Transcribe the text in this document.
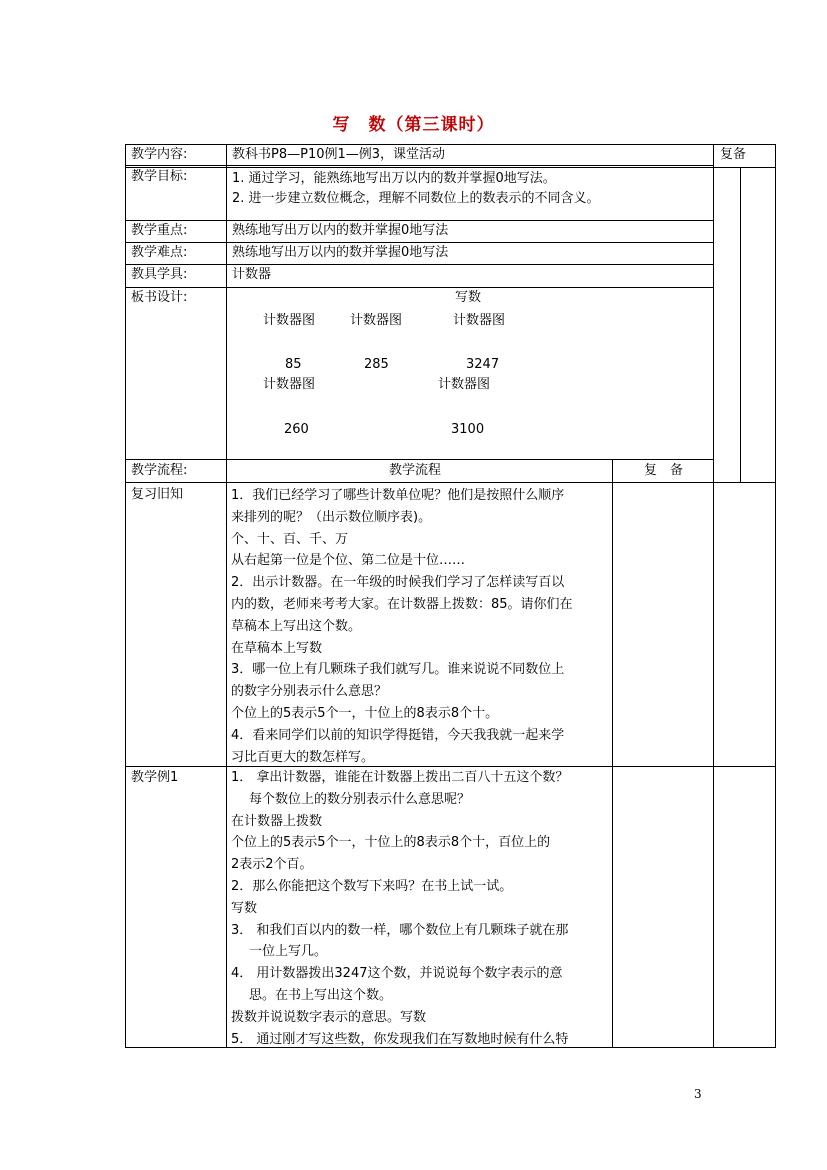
写　数（第三课时）
教学内容:	教科书P8—P10例1—例3，课堂活动	复备
教学目标:	1. 通过学习，能熟练地写出万以内的数并掌握0地写法。
2. 进一步建立数位概念，理解不同数位上的数表示的不同含义。
教学重点:	熟练地写出万以内的数并掌握0地写法
教学难点:	熟练地写出万以内的数并掌握0地写法
教具学具:	计数器
板书设计:	写数
计数器图	计数器图	计数器图
85	285	3247
计数器图	计数器图
260	3100
教学流程:	教学流程	复　备
复习旧知	1．我们已经学习了哪些计数单位呢？他们是按照什么顺序
来排列的呢？（出示数位顺序表)。
个、十、百、千、万
从右起第一位是个位、第二位是十位……
2．出示计数器。在一年级的时候我们学习了怎样读写百以
内的数，老师来考考大家。在计数器上拨数：85。请你们在
草稿本上写出这个数。
在草稿本上写数
3．哪一位上有几颗珠子我们就写几。谁来说说不同数位上
的数字分别表示什么意思？
个位上的5表示5个一，十位上的8表示8个十。
4．看来同学们以前的知识学得挺错，今天我我就一起来学
习比百更大的数怎样写。
教学例1	1． 拿出计数器，谁能在计数器上拨出二百八十五这个数？
每个数位上的数分别表示什么意思呢？
在计数器上拨数
个位上的5表示5个一，十位上的8表示8个十，百位上的
2表示2个百。
2．那么你能把这个数写下来吗？在书上试一试。
写数
3． 和我们百以内的数一样，哪个数位上有几颗珠子就在那
一位上写几。
4． 用计数器拨出3247这个数，并说说每个数字表示的意
思。在书上写出这个数。
拨数并说说数字表示的意思。写数
5． 通过刚才写这些数，你发现我们在写数地时候有什么特
3
